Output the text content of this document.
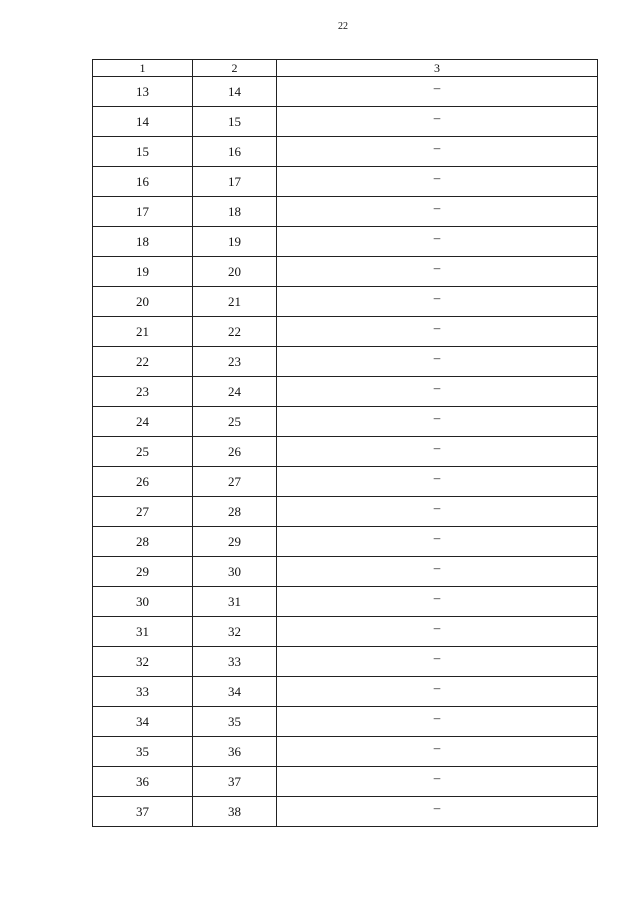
22
1	2	3
13	14	–
14	15	–
15	16	–
16	17	–
17	18	–
18	19	–
19	20	–
20	21	–
21	22	–
22	23	–
23	24	–
24	25	–
25	26	–
26	27	–
27	28	–
28	29	–
29	30	–
30	31	–
31	32	–
32	33	–
33	34	–
34	35	–
35	36	–
36	37	–
37	38	–
